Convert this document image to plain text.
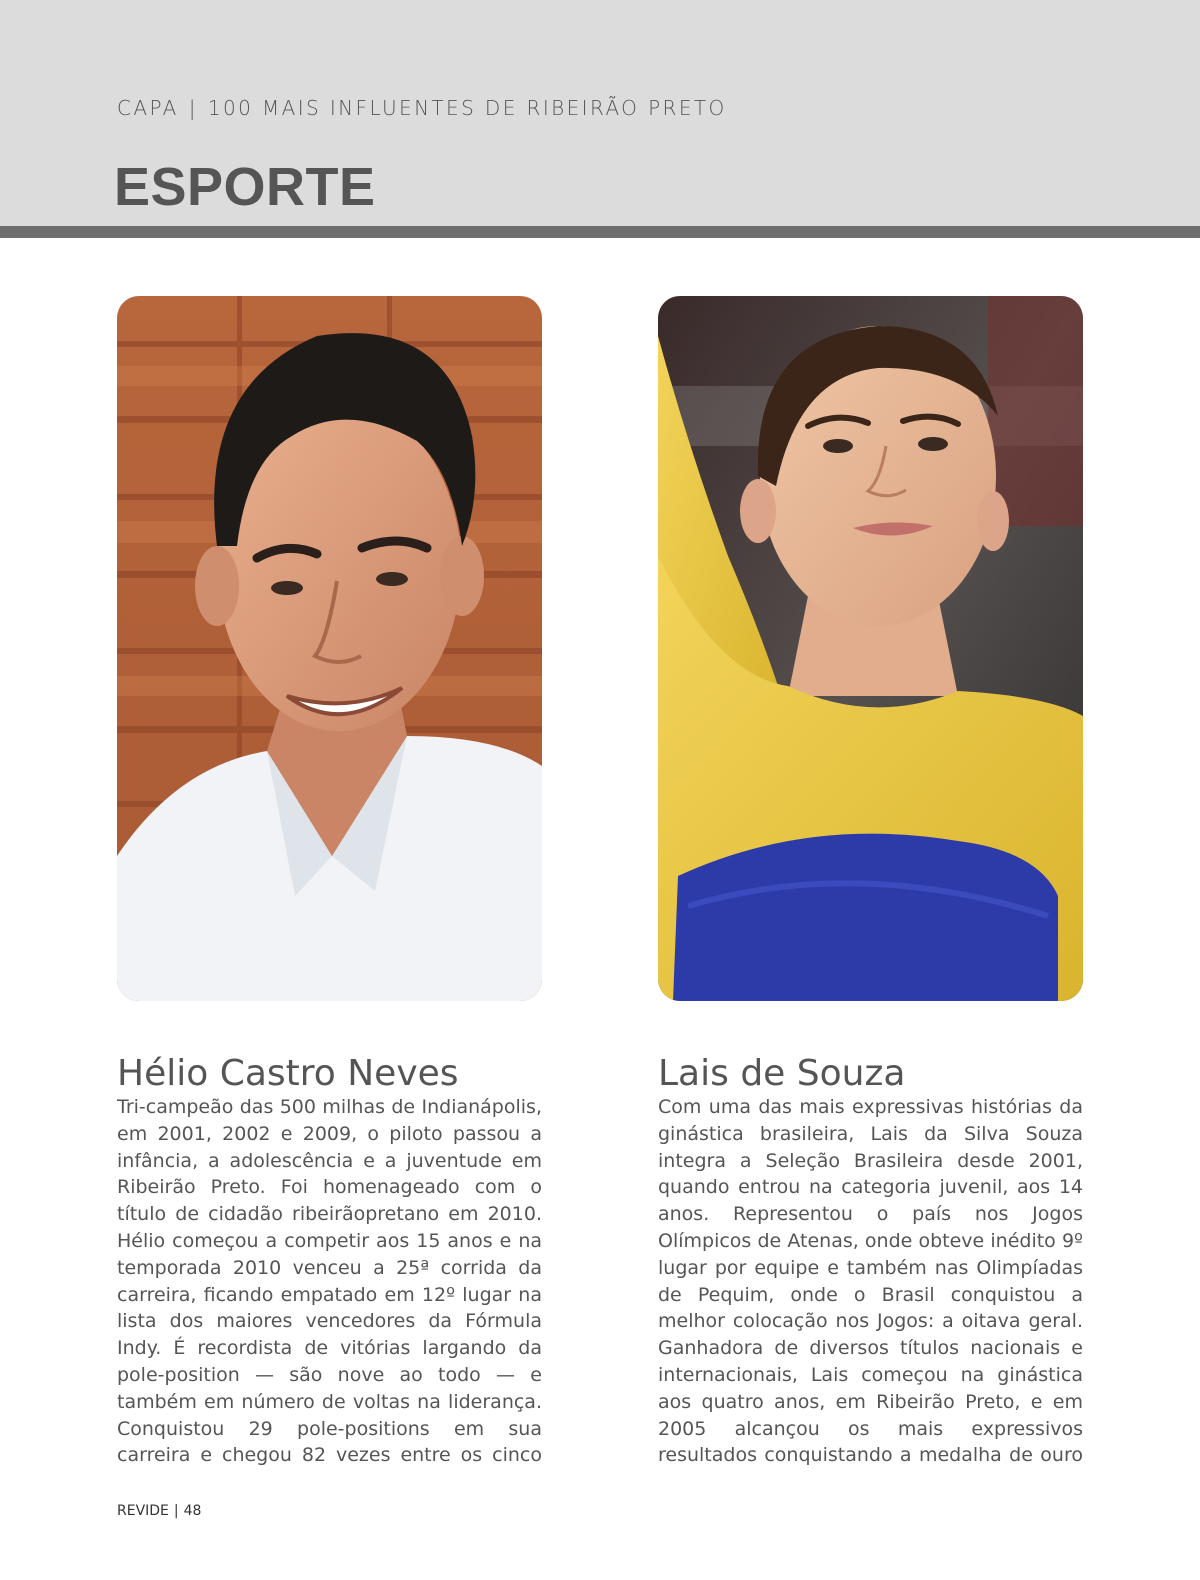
CAPA | 100 MAIS INFLUENTES DE RIBEIRÃO PRETO
ESPORTE
Hélio Castro Neves

Tri-campeão das 500 milhas de Indianápolis, em 2001, 2002 e 2009, o piloto passou a infância, a adolescência e a juventude em Ribeirão Preto. Foi homenageado com o título de cidadão ribeirãopretano em 2010. Hélio começou a competir aos 15 anos e na temporada 2010 venceu a 25ª corrida da carreira, ficando empatado em 12º lugar na lista dos maiores vencedores da Fórmula Indy. É recordista de vitórias largando da pole-position — são nove ao todo — e também em número de voltas na liderança. Conquistou 29 pole-positions em sua carreira e chegou 82 vezes entre os cinco

Lais de Souza

Com uma das mais expressivas histórias da ginástica brasileira, Lais da Silva Souza integra a Seleção Brasileira desde 2001, quando entrou na categoria juvenil, aos 14 anos. Representou o país nos Jogos Olímpicos de Atenas, onde obteve inédito 9º lugar por equipe e também nas Olimpíadas de Pequim, onde o Brasil conquistou a melhor colocação nos Jogos: a oitava geral. Ganhadora de diversos títulos nacionais e internacionais, Lais começou na ginástica aos quatro anos, em Ribeirão Preto, e em 2005 alcançou os mais expressivos resultados conquistando a medalha de ouro

REVIDE | 48
